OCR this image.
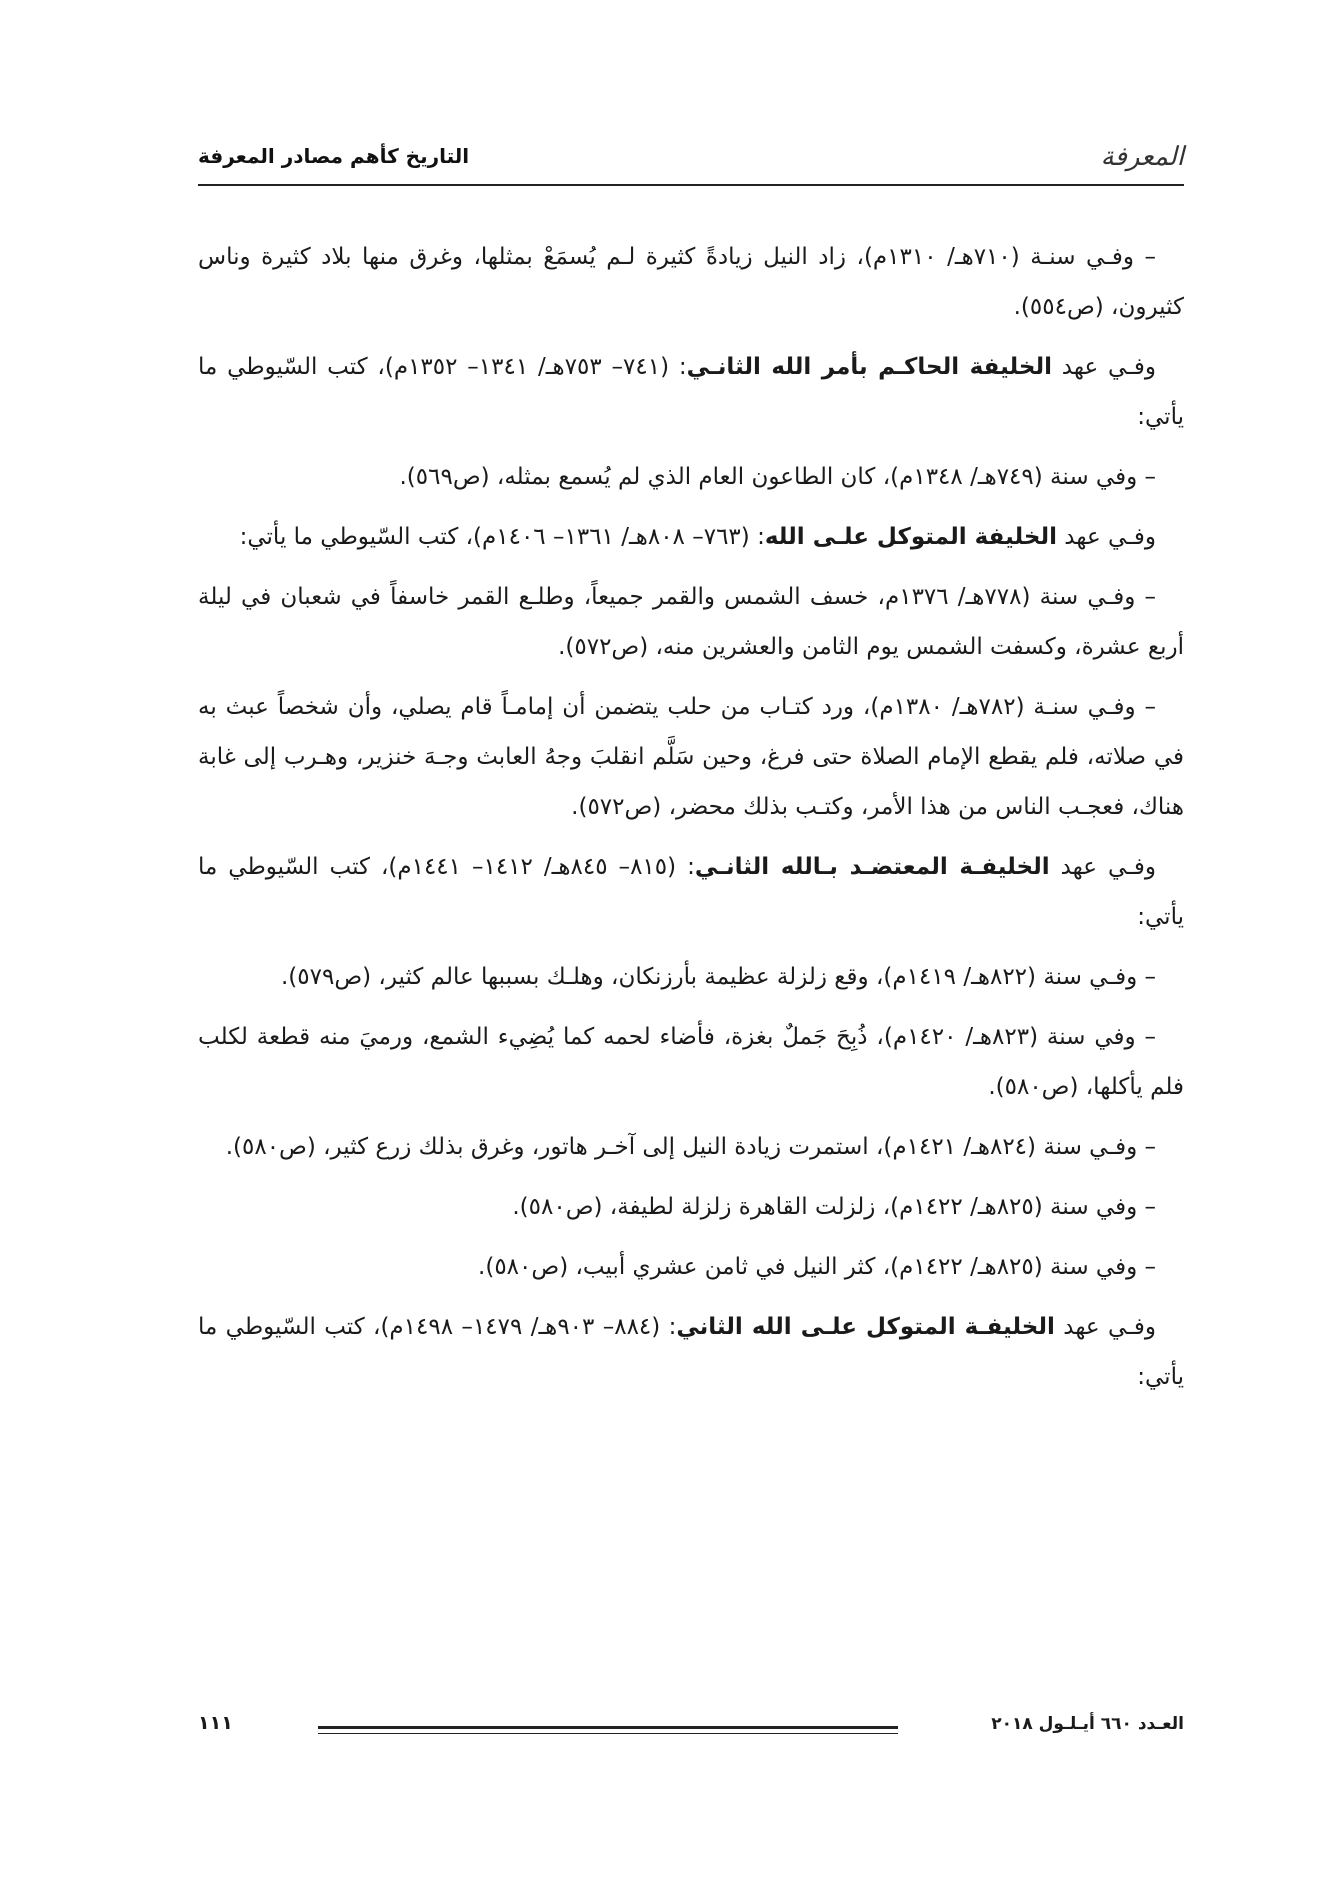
المعرفة
التاريخ كأهم مصادر المعرفة

– وفـي سنـة (٧١٠هـ/ ١٣١٠م)، زاد النيل زيادةً كثيرة لـم يُسمَعْ بمثلها، وغرق منها بلاد كثيرة وناس كثيرون، (ص٥٥٤).

وفـي عهد الخليفة الحاكـم بأمر الله الثانـي: (٧٤١– ٧٥٣هـ/ ١٣٤١– ١٣٥٢م)، كتب السّيوطي ما يأتي:

– وفي سنة (٧٤٩هـ/ ١٣٤٨م)، كان الطاعون العام الذي لم يُسمع بمثله، (ص٥٦٩).

وفـي عهد الخليفة المتوكل علـى الله: (٧٦٣– ٨٠٨هـ/ ١٣٦١– ١٤٠٦م)، كتب السّيوطي ما يأتي:

– وفـي سنة (٧٧٨هـ/ ١٣٧٦م، خسف الشمس والقمر جميعاً، وطلـع القمر خاسفاً في شعبان في ليلة أربع عشرة، وكسفت الشمس يوم الثامن والعشرين منه، (ص٥٧٢).

– وفـي سنـة (٧٨٢هـ/ ١٣٨٠م)، ورد كتـاب من حلب يتضمن أن إمامـاً قام يصلي، وأن شخصاً عبث به في صلاته، فلم يقطع الإمام الصلاة حتى فرغ، وحين سَلَّم انقلبَ وجهُ العابث وجـهَ خنزير، وهـرب إلى غابة هناك، فعجـب الناس من هذا الأمر، وكتـب بذلك محضر، (ص٥٧٢).

وفـي عهد الخليفـة المعتضـد بـالله الثانـي: (٨١٥– ٨٤٥هـ/ ١٤١٢– ١٤٤١م)، كتب السّيوطي ما يأتي:

– وفـي سنة (٨٢٢هـ/ ١٤١٩م)، وقع زلزلة عظيمة بأرزنكان، وهلـك بسببها عالم كثير، (ص٥٧٩).

– وفي سنة (٨٢٣هـ/ ١٤٢٠م)، ذُبِحَ جَملٌ بغزة، فأضاء لحمه كما يُضِيء الشمع، ورميَ منه قطعة لكلب فلم يأكلها، (ص٥٨٠).

– وفـي سنة (٨٢٤هـ/ ١٤٢١م)، استمرت زيادة النيل إلى آخـر هاتور، وغرق بذلك زرع كثير، (ص٥٨٠).

– وفي سنة (٨٢٥هـ/ ١٤٢٢م)، زلزلت القاهرة زلزلة لطيفة، (ص٥٨٠).

– وفي سنة (٨٢٥هـ/ ١٤٢٢م)، كثر النيل في ثامن عشري أبيب، (ص٥٨٠).

وفـي عهد الخليفـة المتوكل علـى الله الثاني: (٨٨٤– ٩٠٣هـ/ ١٤٧٩– ١٤٩٨م)، كتب السّيوطي ما يأتي:

العـدد ٦٦٠ أيـلـول ٢٠١٨
١١١
